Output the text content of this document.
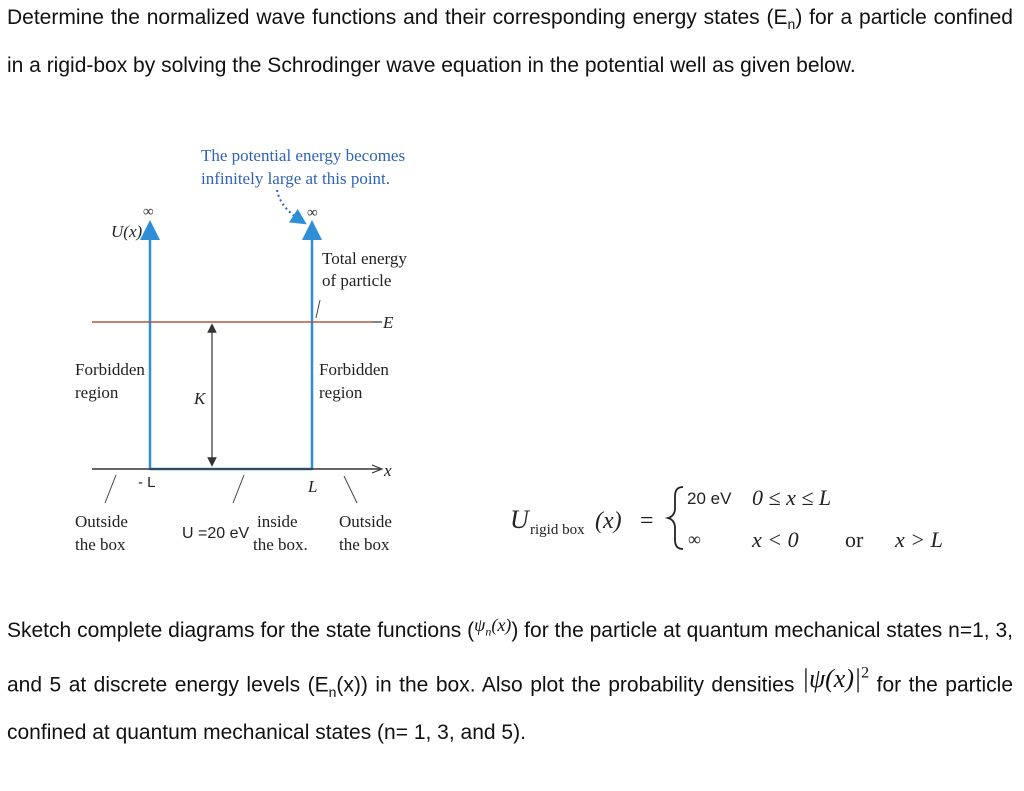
Determine the normalized wave functions and their corresponding energy states $(E_n)$ for a particle confined in a rigid-box by solving the Schrodinger wave equation in the potential well as given below.

The potential energy becomes
infinitely large at this point.
∞	∞
U(x)
Total energy
of particle
E
K
Forbidden
region
Forbidden
region
x
- L	L
Outside
the box
U =20 eV
inside
the box.
Outside
the box
U rigid box (x) =
20 eV 0 ≤ x ≤ L
∞ x < 0 or x > L

Sketch complete diagrams for the state functions $(\psi_n(x))$ for the particle at quantum mechanical states n=1, 3, and 5 at discrete energy levels $(E_n(x))$ in the box. Also plot the probability densities $|\psi(x)|^2$ for the particle confined at quantum mechanical states (n= 1, 3, and 5).
